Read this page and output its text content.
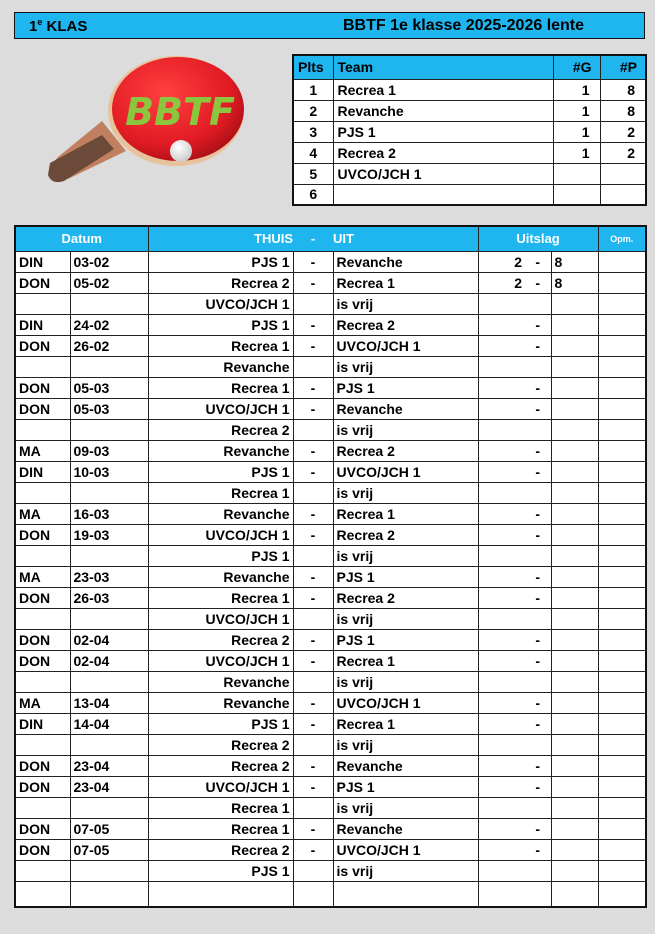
1e KLAS	BBTF 1e klasse 2025-2026 lente
BBTF
Plts	Team	#G	#P
1	Recrea 1	1	8
2	Revanche	1	8
3	PJS 1	1	2
4	Recrea 2	1	2
5	UVCO/JCH 1		
6			
Datum		THUIS	-	UIT	Uitslag			Opm.
DIN	03-02	PJS 1	-	Revanche	2	-	8	
DON	05-02	Recrea 2	-	Recrea 1	2	-	8	
		UVCO/JCH 1		is vrij				
DIN	24-02	PJS 1	-	Recrea 2		-		
DON	26-02	Recrea 1	-	UVCO/JCH 1		-		
		Revanche		is vrij				
DON	05-03	Recrea 1	-	PJS 1		-		
DON	05-03	UVCO/JCH 1	-	Revanche		-		
		Recrea 2		is vrij				
MA	09-03	Revanche	-	Recrea 2		-		
DIN	10-03	PJS 1	-	UVCO/JCH 1		-		
		Recrea 1		is vrij				
MA	16-03	Revanche	-	Recrea 1		-		
DON	19-03	UVCO/JCH 1	-	Recrea 2		-		
		PJS 1		is vrij				
MA	23-03	Revanche	-	PJS 1		-		
DON	26-03	Recrea 1	-	Recrea 2		-		
		UVCO/JCH 1		is vrij				
DON	02-04	Recrea 2	-	PJS 1		-		
DON	02-04	UVCO/JCH 1	-	Recrea 1		-		
		Revanche		is vrij				
MA	13-04	Revanche	-	UVCO/JCH 1		-		
DIN	14-04	PJS 1	-	Recrea 1		-		
		Recrea 2		is vrij				
DON	23-04	Recrea 2	-	Revanche		-		
DON	23-04	UVCO/JCH 1	-	PJS 1		-		
		Recrea 1		is vrij				
DON	07-05	Recrea 1	-	Revanche		-		
DON	07-05	Recrea 2	-	UVCO/JCH 1		-		
		PJS 1		is vrij				
